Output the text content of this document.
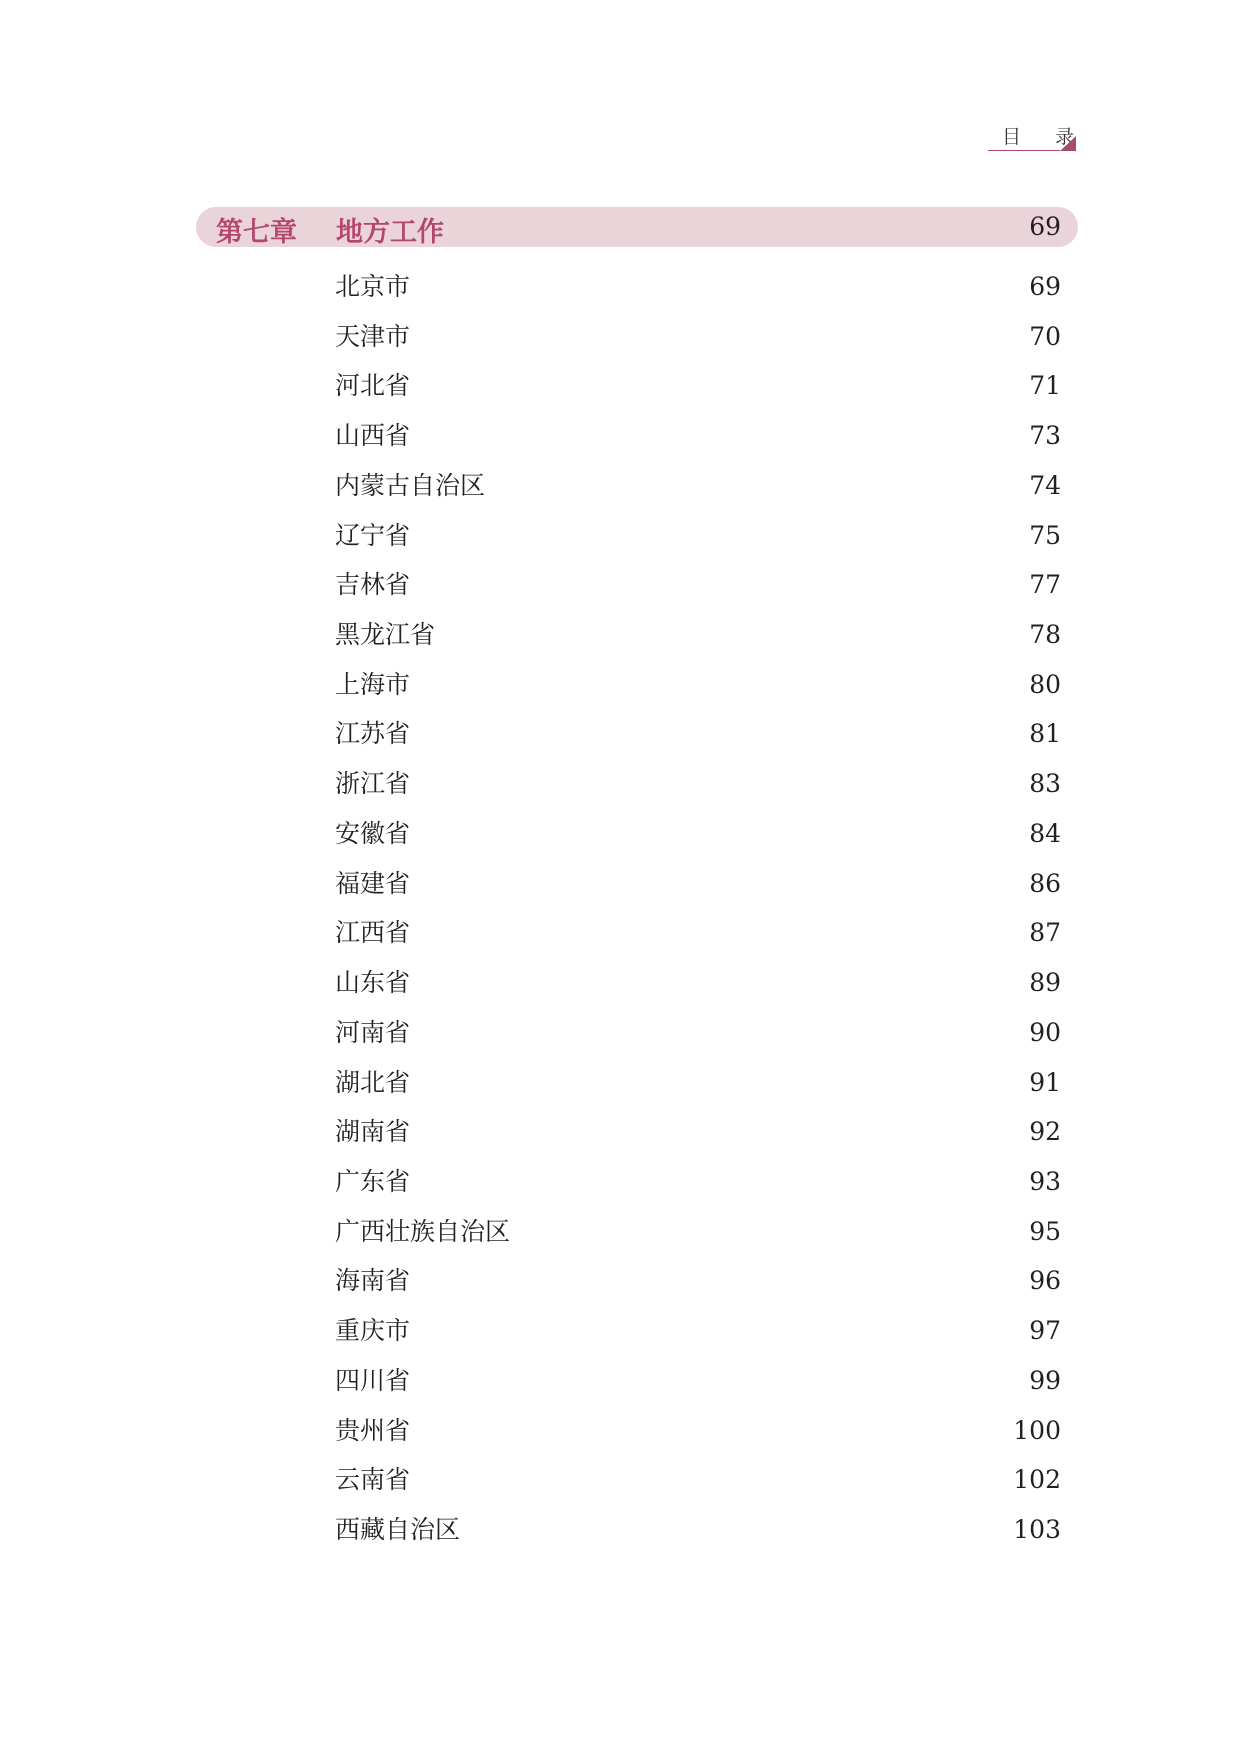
目 录
第七章 地方工作	69
北京市	69
天津市	70
河北省	71
山西省	73
内蒙古自治区	74
辽宁省	75
吉林省	77
黑龙江省	78
上海市	80
江苏省	81
浙江省	83
安徽省	84
福建省	86
江西省	87
山东省	89
河南省	90
湖北省	91
湖南省	92
广东省	93
广西壮族自治区	95
海南省	96
重庆市	97
四川省	99
贵州省	100
云南省	102
西藏自治区	103
